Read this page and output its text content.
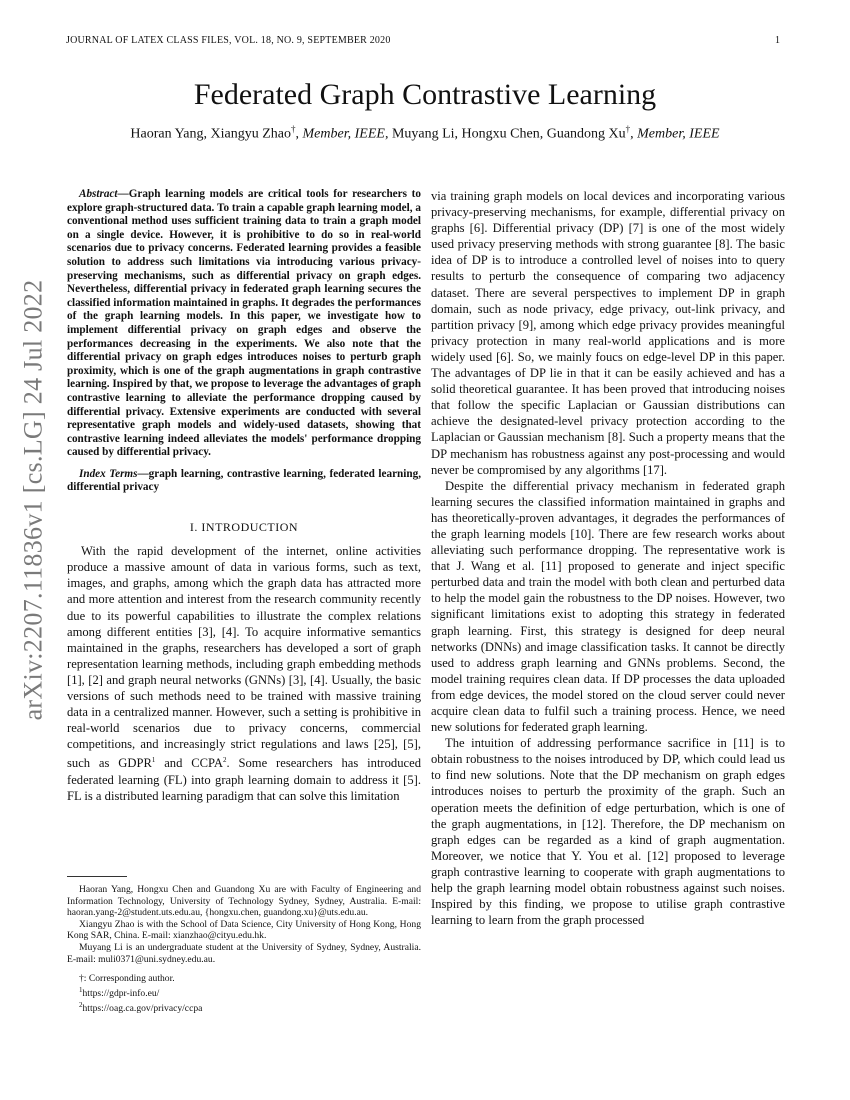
JOURNAL OF LATEX CLASS FILES, VOL. 18, NO. 9, SEPTEMBER 2020	1
arXiv:2207.11836v1 [cs.LG] 24 Jul 2022
Federated Graph Contrastive Learning
Haoran Yang, Xiangyu Zhao†, Member, IEEE, Muyang Li, Hongxu Chen, Guandong Xu†, Member, IEEE

Abstract—Graph learning models are critical tools for researchers to explore graph-structured data. To train a capable graph learning model, a conventional method uses sufficient training data to train a graph model on a single device. However, it is prohibitive to do so in real-world scenarios due to privacy concerns. Federated learning provides a feasible solution to address such limitations via introducing various privacy-preserving mechanisms, such as differential privacy on graph edges. Nevertheless, differential privacy in federated graph learning secures the classified information maintained in graphs. It degrades the performances of the graph learning models. In this paper, we investigate how to implement differential privacy on graph edges and observe the performances decreasing in the experiments. We also note that the differential privacy on graph edges introduces noises to perturb graph proximity, which is one of the graph augmentations in graph contrastive learning. Inspired by that, we propose to leverage the advantages of graph contrastive learning to alleviate the performance dropping caused by differential privacy. Extensive experiments are conducted with several representative graph models and widely-used datasets, showing that contrastive learning indeed alleviates the models' performance dropping caused by differential privacy.

Index Terms—graph learning, contrastive learning, federated learning, differential privacy

I. INTRODUCTION

With the rapid development of the internet, online activities produce a massive amount of data in various forms, such as text, images, and graphs, among which the graph data has attracted more and more attention and interest from the research community recently due to its powerful capabilities to illustrate the complex relations among different entities [3], [4]. To acquire informative semantics maintained in the graphs, researchers has developed a sort of graph representation learning methods, including graph embedding methods [1], [2] and graph neural networks (GNNs) [3], [4]. Usually, the basic versions of such methods need to be trained with massive training data in a centralized manner. However, such a setting is prohibitive in real-world scenarios due to privacy concerns, commercial competitions, and increasingly strict regulations and laws [25], [5], such as GDPR$^1$ and CCPA$^2$. Some researchers has introduced federated learning (FL) into graph learning domain to address it [5]. FL is a distributed learning paradigm that can solve this limitation

Haoran Yang, Hongxu Chen and Guandong Xu are with Faculty of Engineering and Information Technology, University of Technology Sydney, Sydney, Australia. E-mail: haoran.yang-2@student.uts.edu.au, {hongxu.chen, guandong.xu}@uts.edu.au.

Xiangyu Zhao is with the School of Data Science, City University of Hong Kong, Hong Kong SAR, China. E-mail: xianzhao@cityu.edu.hk.

Muyang Li is an undergraduate student at the University of Sydney, Sydney, Australia. E-mail: muli0371@uni.sydney.edu.au.

†: Corresponding author.

$^1$https://gdpr-info.eu/

$^2$https://oag.ca.gov/privacy/ccpa

via training graph models on local devices and incorporating various privacy-preserving mechanisms, for example, differential privacy on graphs [6]. Differential privacy (DP) [7] is one of the most widely used privacy preserving methods with strong guarantee [8]. The basic idea of DP is to introduce a controlled level of noises into to query results to perturb the consequence of comparing two adjacency dataset. There are several perspectives to implement DP in graph domain, such as node privacy, edge privacy, out-link privacy, and partition privacy [9], among which edge privacy provides meaningful privacy protection in many real-world applications and is more widely used [6]. So, we mainly foucs on edge-level DP in this paper. The advantages of DP lie in that it can be easily achieved and has a solid theoretical guarantee. It has been proved that introducing noises that follow the specific Laplacian or Gaussian distributions can achieve the designated-level privacy protection according to the Laplacian or Gaussian mechanism [8]. Such a property means that the DP mechanism has robustness against any post-processing and would never be compromised by any algorithms [17].

Despite the differential privacy mechanism in federated graph learning secures the classified information maintained in graphs and has theoretically-proven advantages, it degrades the performances of the graph learning models [10]. There are few research works about alleviating such performance dropping. The representative work is that J. Wang et al. [11] proposed to generate and inject specific perturbed data and train the model with both clean and perturbed data to help the model gain the robustness to the DP noises. However, two significant limitations exist to adopting this strategy in federated graph learning. First, this strategy is designed for deep neural networks (DNNs) and image classification tasks. It cannot be directly used to address graph learning and GNNs problems. Second, the model training requires clean data. If DP processes the data uploaded from edge devices, the model stored on the cloud server could never acquire clean data to fulfil such a training process. Hence, we need new solutions for federated graph learning.

The intuition of addressing performance sacrifice in [11] is to obtain robustness to the noises introduced by DP, which could lead us to find new solutions. Note that the DP mechanism on graph edges introduces noises to perturb the proximity of the graph. Such an operation meets the definition of edge perturbation, which is one of the graph augmentations, in [12]. Therefore, the DP mechanism on graph edges can be regarded as a kind of graph augmentation. Moreover, we notice that Y. You et al. [12] proposed to leverage graph contrastive learning to cooperate with graph augmentations to help the graph learning model obtain robustness against such noises. Inspired by this finding, we propose to utilise graph contrastive learning to learn from the graph processed
